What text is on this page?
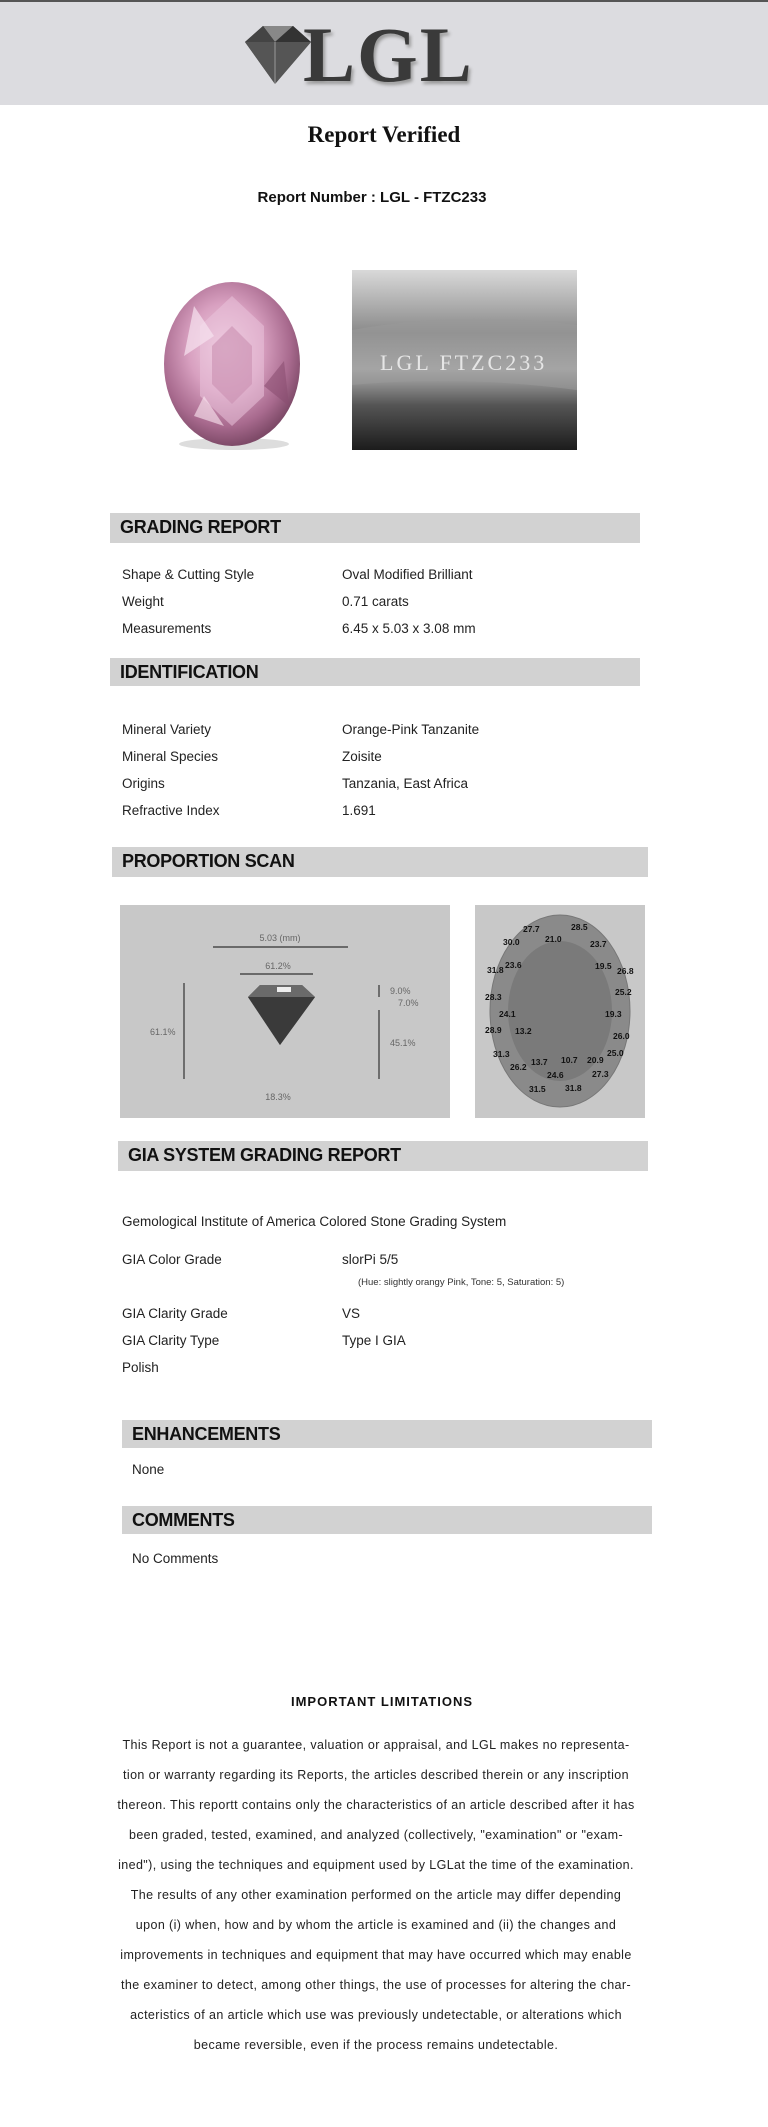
LGL
Report Verified
Report Number : LGL - FTZC233
LGL FTZC233
GRADING REPORT
Shape & Cutting Style	Oval Modified Brilliant
Weight	0.71 carats
Measurements	6.45 x 5.03 x 3.08 mm
IDENTIFICATION
Mineral Variety	Orange-Pink Tanzanite
Mineral Species	Zoisite
Origins	Tanzania, East Africa
Refractive Index	1.691
PROPORTION SCAN
5.03 (mm)
61.2%
61.1%
9.0%
7.0%
45.1%
18.3%
27.7	28.5
30.0	21.0	23.7
31.8 23.6	19.5 26.8
28.3	25.2
24.1	19.3
28.9 13.2	26.0
31.3
13.7 10.7 20.9
25.0
26.2
24.6	27.3
31.5 31.8
GIA SYSTEM GRADING REPORT
Gemological Institute of America Colored Stone Grading System
GIA Color Grade	slorPi 5/5
(Hue: slightly orangy Pink, Tone: 5, Saturation: 5)
GIA Clarity Grade	VS
GIA Clarity Type	Type I GIA
Polish
ENHANCEMENTS
None
COMMENTS
No Comments
IMPORTANT LIMITATIONS
This Report is not a guarantee, valuation or appraisal, and LGL makes no representa-
tion or warranty regarding its Reports, the articles described therein or any inscription
thereon. This reportt contains only the characteristics of an article described after it has
been graded, tested, examined, and analyzed (collectively, "examination" or "exam-
ined"), using the techniques and equipment used by LGLat the time of the examination.
The results of any other examination performed on the article may differ depending
upon (i) when, how and by whom the article is examined and (ii) the changes and
improvements in techniques and equipment that may have occurred which may enable
the examiner to detect, among other things, the use of processes for altering the char-
acteristics of an article which use was previously undetectable, or alterations which
became reversible, even if the process remains undetectable.
